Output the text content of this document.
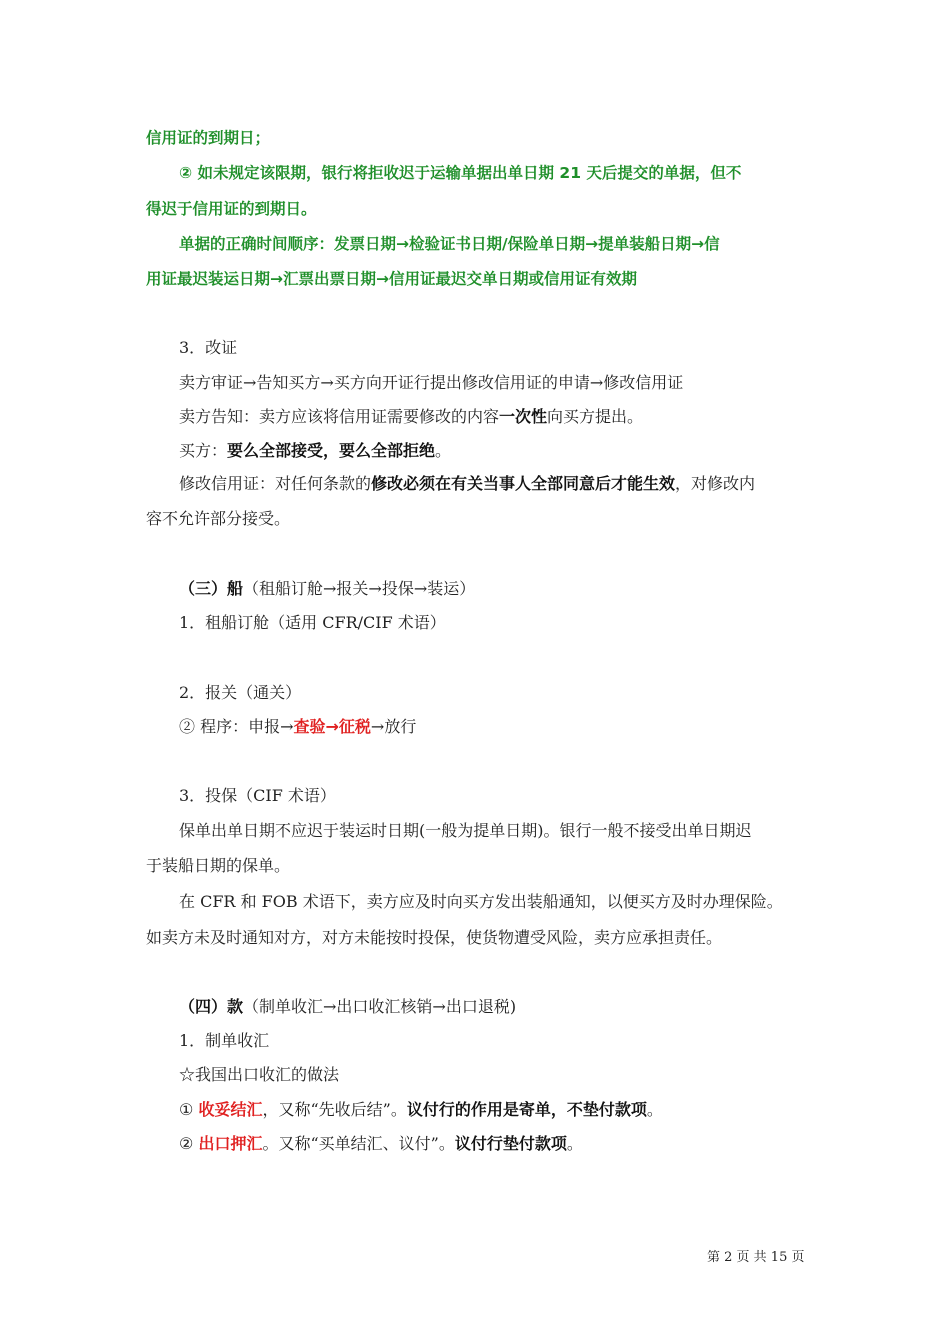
信用证的到期日；
② 如未规定该限期，银行将拒收迟于运输单据出单日期 21 天后提交的单据，但不
得迟于信用证的到期日。
单据的正确时间顺序：发票日期→检验证书日期/保险单日期→提单装船日期→信
用证最迟装运日期→汇票出票日期→信用证最迟交单日期或信用证有效期
3．改证
卖方审证→告知买方→买方向开证行提出修改信用证的申请→修改信用证
卖方告知：卖方应该将信用证需要修改的内容一次性向买方提出。
买方：要么全部接受，要么全部拒绝。
修改信用证：对任何条款的修改必须在有关当事人全部同意后才能生效，对修改内
容不允许部分接受。
（三）船（租船订舱→报关→投保→装运）
1．租船订舱（适用 CFR/CIF 术语）
2．报关（通关）
② 程序：申报→查验→征税→放行
3．投保（CIF 术语）
保单出单日期不应迟于装运时日期(一般为提单日期)。银行一般不接受出单日期迟
于装船日期的保单。
在 CFR 和 FOB 术语下，卖方应及时向买方发出装船通知，以便买方及时办理保险。
如卖方未及时通知对方，对方未能按时投保，使货物遭受风险，卖方应承担责任。
（四）款（制单收汇→出口收汇核销→出口退税)
1．制单收汇
☆我国出口收汇的做法
① 收妥结汇，又称“先收后结”。议付行的作用是寄单，不垫付款项。
② 出口押汇。又称“买单结汇、议付”。议付行垫付款项。
第 2 页 共 15 页
